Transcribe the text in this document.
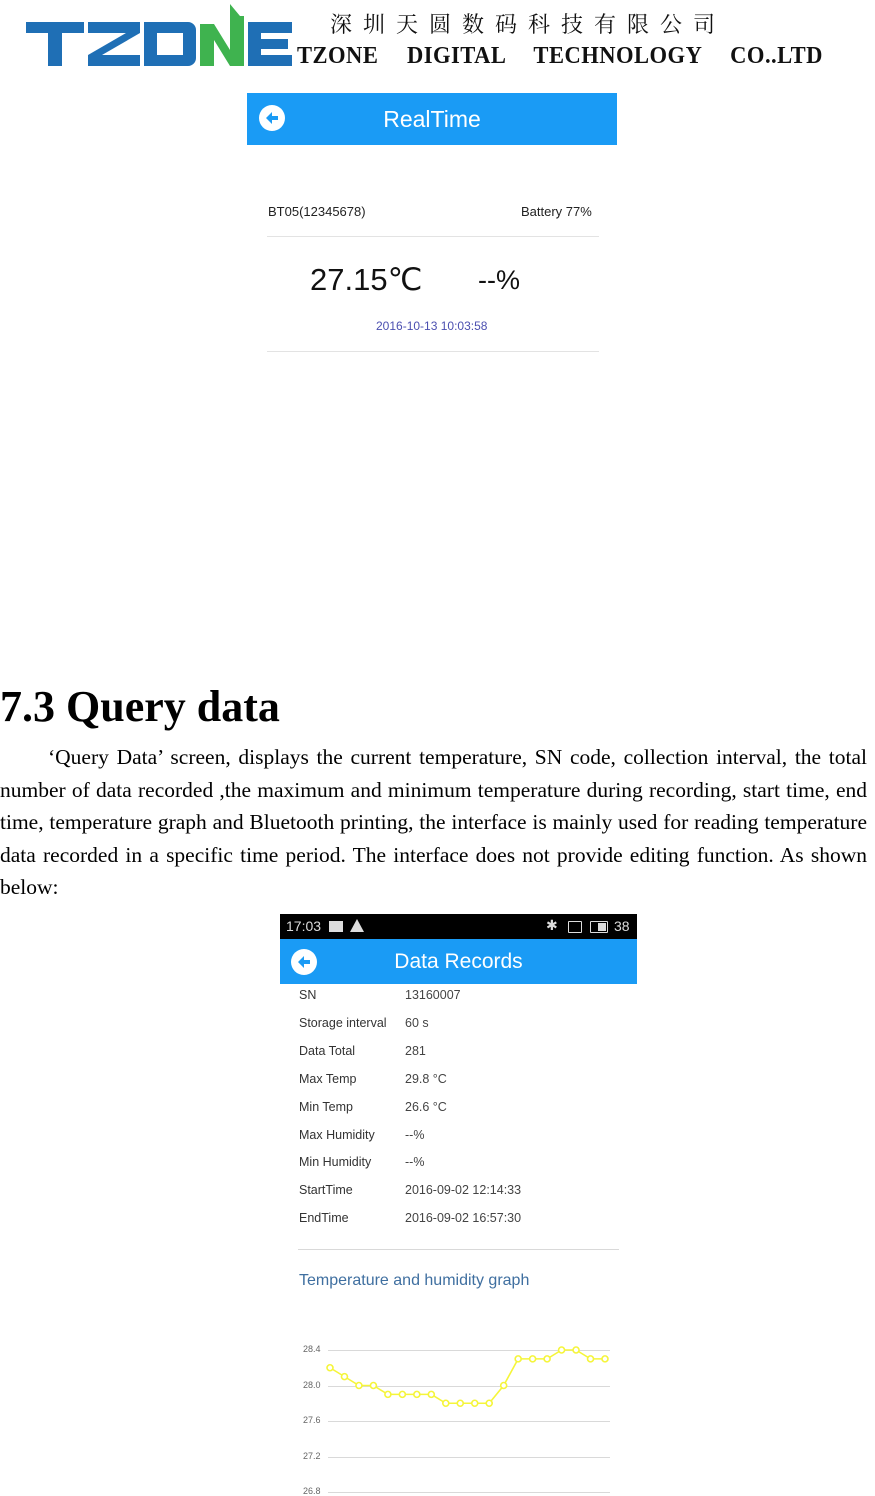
深圳天圆数码科技有限公司
TZONE DIGITAL TECHNOLOGY CO..LTD
RealTime
BT05(12345678)	Battery 77%
27.15℃ --%
2016-10-13 10:03:58
7.3 Query data
‘Query Data’ screen, displays the current temperature, SN code, collection interval, the total number of data recorded ,the maximum and minimum temperature during recording, start time, end time, temperature graph and Bluetooth printing, the interface is mainly used for reading temperature data recorded in a specific time period. The interface does not provide editing function. As shown below:
17:03	✱	38
Data Records
SN	13160007
Storage interval 60 s
Data Total	281
Max Temp	29.8 °C
Min Temp	26.6 °C
Max Humidity --%
Min Humidity	--%
StartTime	2016-09-02 12:14:33
EndTime	2016-09-02 16:57:30
Temperature and humidity graph
28.4
28.0
27.6
27.2
26.8
